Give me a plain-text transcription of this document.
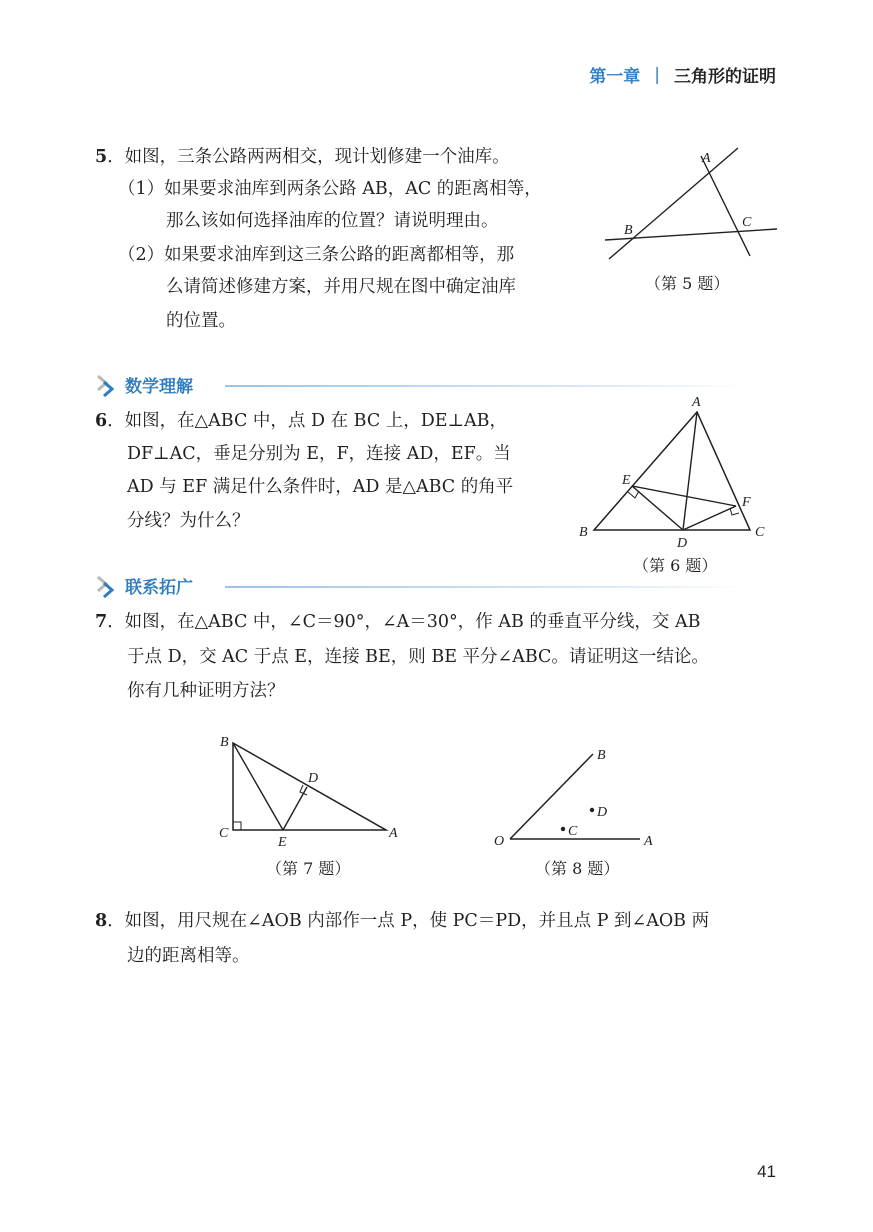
第一章 | 三角形的证明
5．如图，三条公路两两相交，现计划修建一个油库。
（1）如果要求油库到两条公路 AB，AC 的距离相等，
那么该如何选择油库的位置？请说明理由。
（2）如果要求油库到这三条公路的距离都相等，那
么请简述修建方案，并用尺规在图中确定油库
的位置。
A
B
C
（第 5 题）
数学理解
6．如图，在△ABC 中，点 D 在 BC 上，DE⊥AB，
DF⊥AC，垂足分别为 E，F，连接 AD，EF。当
AD 与 EF 满足什么条件时，AD 是△ABC 的角平
分线？为什么？
A
B	C
D
E
F
（第 6 题）
联系拓广
7．如图，在△ABC 中，∠C＝90°，∠A＝30°，作 AB 的垂直平分线，交 AB
于点 D，交 AC 于点 E，连接 BE，则 BE 平分∠ABC。请证明这一结论。
你有几种证明方法？
B
C
E
D
A
（第 7 题）
O	A
B
C
D
（第 8 题）
8．如图，用尺规在∠AOB 内部作一点 P，使 PC＝PD，并且点 P 到∠AOB 两
边的距离相等。
41
